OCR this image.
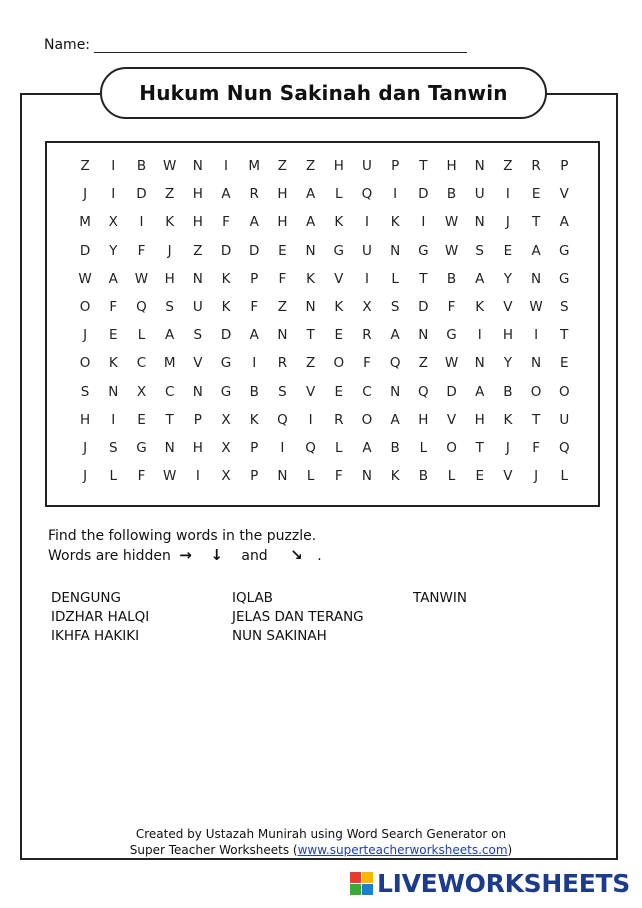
Name:
Hukum Nun Sakinah dan Tanwin
Z	I	B	W	N	I	M	Z	Z	H	U	P	T	H	N	Z	R	P
J	I	D	Z	H	A	R	H	A	L	Q	I	D	B	U	I	E	V
M	X	I	K	H	F	A	H	A	K	I	K	I	W	N	J	T	A
D	Y	F	J	Z	D	D	E	N	G	U	N	G	W	S	E	A	G
W	A	W	H	N	K	P	F	K	V	I	L	T	B	A	Y	N	G
O	F	Q	S	U	K	F	Z	N	K	X	S	D	F	K	V	W	S
J	E	L	A	S	D	A	N	T	E	R	A	N	G	I	H	I	T
O	K	C	M	V	G	I	R	Z	O	F	Q	Z	W	N	Y	N	E
S	N	X	C	N	G	B	S	V	E	C	N	Q	D	A	B	O	O
H	I	E	T	P	X	K	Q	I	R	O	A	H	V	H	K	T	U
J	S	G	N	H	X	P	I	Q	L	A	B	L	O	T	J	F	Q
J	L	F	W	I	X	P	N	L	F	N	K	B	L	E	V	J	L
Find the following words in the puzzle.
Words are hidden → ↓ and ↘ .
DENGUNG	IQLAB	TANWIN
IDZHAR HALQI	JELAS DAN TERANG
IKHFA HAKIKI	NUN SAKINAH
Created by Ustazah Munirah using Word Search Generator on
Super Teacher Worksheets (www.superteacherworksheets.com)
LIVEWORKSHEETS
